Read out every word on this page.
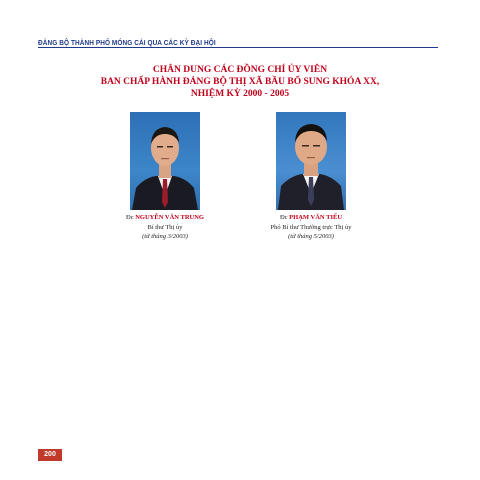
ĐẢNG BỘ THÀNH PHỐ MÓNG CÁI QUA CÁC KỲ ĐẠI HỘI
CHÂN DUNG CÁC ĐỒNG CHÍ ỦY VIÊN
BAN CHẤP HÀNH ĐẢNG BỘ THỊ XÃ BẦU BỔ SUNG KHÓA XX,
NHIỆM KỲ 2000 - 2005
Đc NGUYỄN VĂN TRUNG
Bí thư Thị ủy
(từ tháng 3/2003)
Đc PHẠM VĂN TIẾU
Phó Bí thư Thường trực Thị ủy
(từ tháng 5/2003)
200
